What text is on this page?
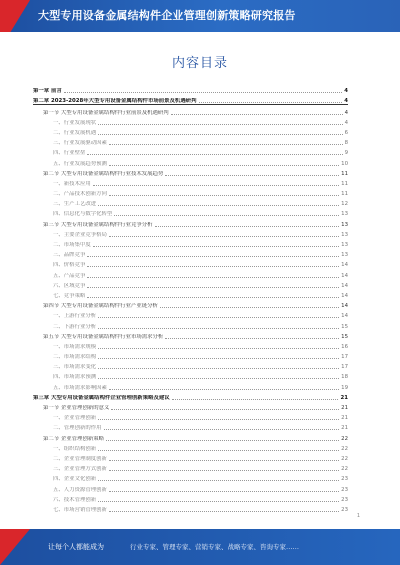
大型专用设备金属结构件企业管理创新策略研究报告
内容目录
第一章 前言	4
第二章 2023-2028年大型专用设备金属结构件市场前景及机遇研判	4
第一节 大型专用设备金属结构件行业前景及机遇研判	4
一、行业发展现状	4
二、行业发展机遇	6
三、行业发展驱动因素	8
四、行业壁垒	9
五、行业发展趋势预测	10
第二节 大型专用设备金属结构件行业技术发展趋势	11
一、新技术应用	11
二、产品技术创新方向	11
三、生产工艺改进	12
四、信息化与数字化转型	13
第三节 大型专用设备金属结构件行业竞争分析	13
一、主要企业竞争格局	13
二、市场集中度	13
三、品牌竞争	13
四、价格竞争	14
五、产品竞争	14
六、区域竞争	14
七、竞争策略	14
第四节 大型专用设备金属结构件行业产业链分析	14
一、上游行业分析	14
二、下游行业分析	15
第五节 大型专用设备金属结构件行业市场需求分析	15
一、市场需求规模	16
二、市场需求结构	17
三、市场需求变化	17
四、市场需求预测	18
五、市场需求影响因素	19
第三章 大型专用设备金属结构件企业管理创新策略及建议	21
第一节 企业管理创新的意义	21
一、企业管理创新	21
二、管理创新的作用	21
第二节 企业管理创新策略	22
一、组织结构创新	22
二、企业管理制度创新	22
三、企业管理方式创新	22
四、企业文化创新	23
五、人力资源管理创新	23
六、技术管理创新	23
七、市场营销管理创新	23
1
让每个人都能成为	行业专家、管理专家、营销专家、战略专家、咨询专家……
